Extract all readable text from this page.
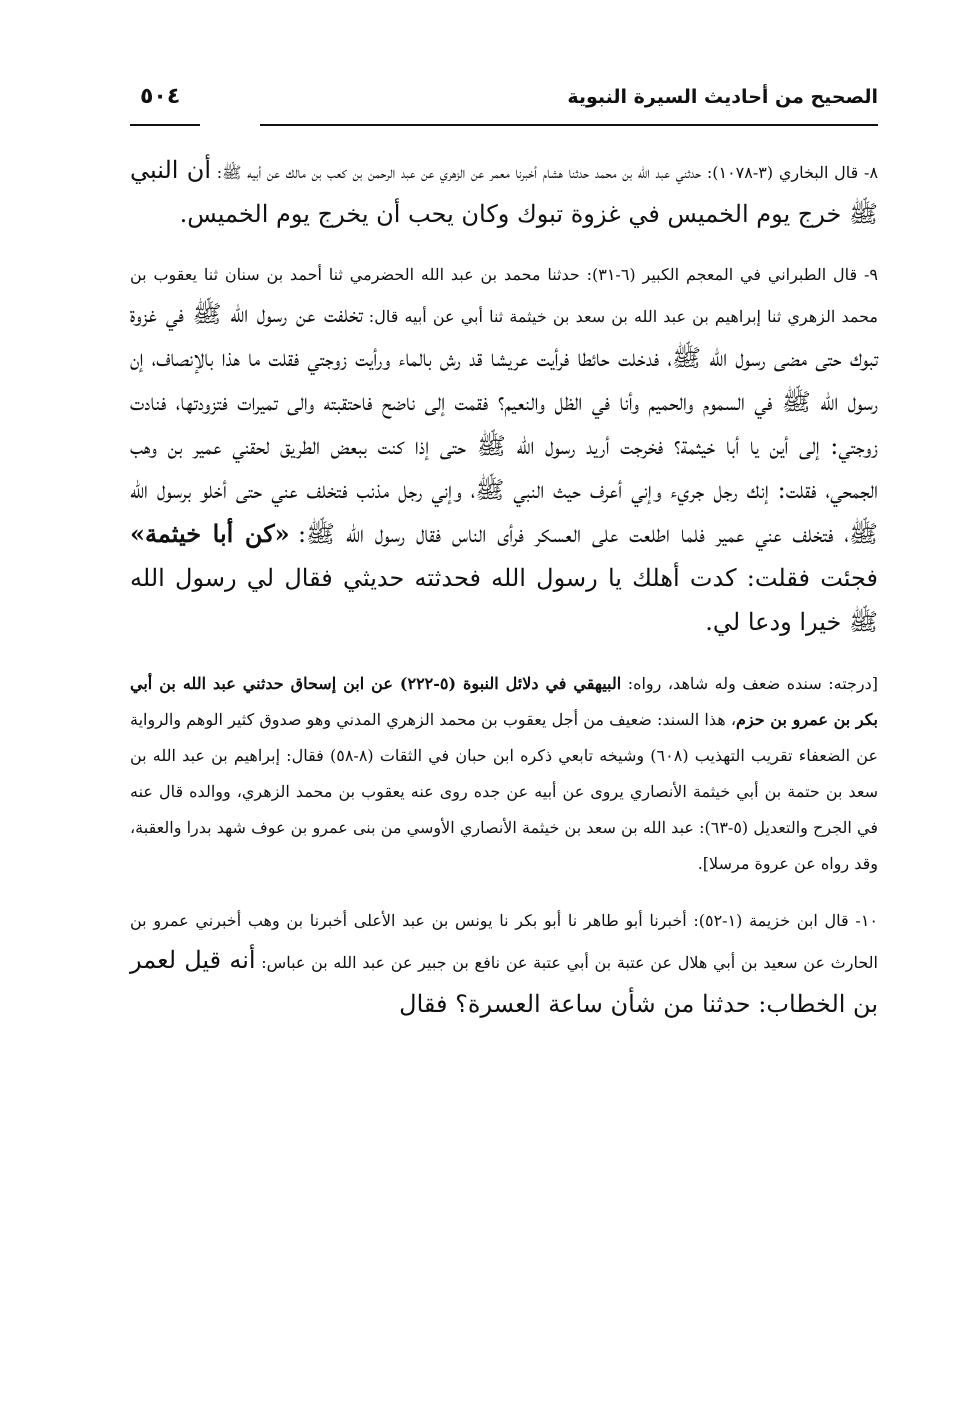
الصحيح من أحاديث السيرة النبوية
٥٠٤

٨- قال البخاري (٣-١٠٧٨): حدثني عبد الله بن محمد حدثنا هشام أخبرنا معمر عن الزهري عن عبد الرحمن بن كعب بن مالك عن أبيه ﷺ: أن النبي ﷺ خرج يوم الخميس في غزوة تبوك وكان يحب أن يخرج يوم الخميس.

٩- قال الطبراني في المعجم الكبير (٦-٣١): حدثنا محمد بن عبد الله الحضرمي ثنا أحمد بن سنان ثنا يعقوب بن محمد الزهري ثنا إبراهيم بن عبد الله بن سعد بن خيثمة ثنا أبي عن أبيه قال: تخلفت عن رسول الله ﷺ في غزوة تبوك حتى مضى رسول الله ﷺ، فدخلت حائطا فرأيت عريشا قد رش بالماء ورأيت زوجتي فقلت ما هذا بالإنصاف، إن رسول الله ﷺ في السموم والحميم وأنا في الظل والنعيم؟ فقمت إلى ناضح فاحتقبته والى تميرات فتزودتها، فنادت زوجتي: إلى أين يا أبا خيثمة؟ فخرجت أريد رسول الله ﷺ حتى إذا كنت ببعض الطريق لحقني عمير بن وهب الجمحي، فقلت: إنك رجل جريء وإني أعرف حيث النبي ﷺ، وإني رجل مذنب فتخلف عني حتى أخلو برسول الله ﷺ، فتخلف عني عمير فلما اطلعت على العسكر فرأى الناس فقال رسول الله ﷺ: «كن أبا خيثمة» فجئت فقلت: كدت أهلك يا رسول الله فحدثته حديثي فقال لي رسول الله ﷺ خيرا ودعا لي.

[درجته: سنده ضعف وله شاهد، رواه: البيهقي في دلائل النبوة (٥-٢٢٢) عن ابن إسحاق حدثني عبد الله بن أبي بكر بن عمرو بن حزم، هذا السند: ضعيف من أجل يعقوب بن محمد الزهري المدني وهو صدوق كثير الوهم والرواية عن الضعفاء تقريب التهذيب (٦٠٨) وشيخه تابعي ذكره ابن حبان في الثقات (٨-٥٨) فقال: إبراهيم بن عبد الله بن سعد بن حتمة بن أبي خيثمة الأنصاري يروى عن أبيه عن جده روى عنه يعقوب بن محمد الزهري، ووالده قال عنه في الجرح والتعديل (٥-٦٣): عبد الله بن سعد بن خيثمة الأنصاري الأوسي من بنى عمرو بن عوف شهد بدرا والعقبة، وقد رواه عن عروة مرسلا].

١٠- قال ابن خزيمة (١-٥٢): أخبرنا أبو طاهر نا أبو بكر نا يونس بن عبد الأعلى أخبرنا بن وهب أخبرني عمرو بن الحارث عن سعيد بن أبي هلال عن عتبة بن أبي عتبة عن نافع بن جبير عن عبد الله بن عباس: أنه قيل لعمر بن الخطاب: حدثنا من شأن ساعة العسرة؟ فقال
